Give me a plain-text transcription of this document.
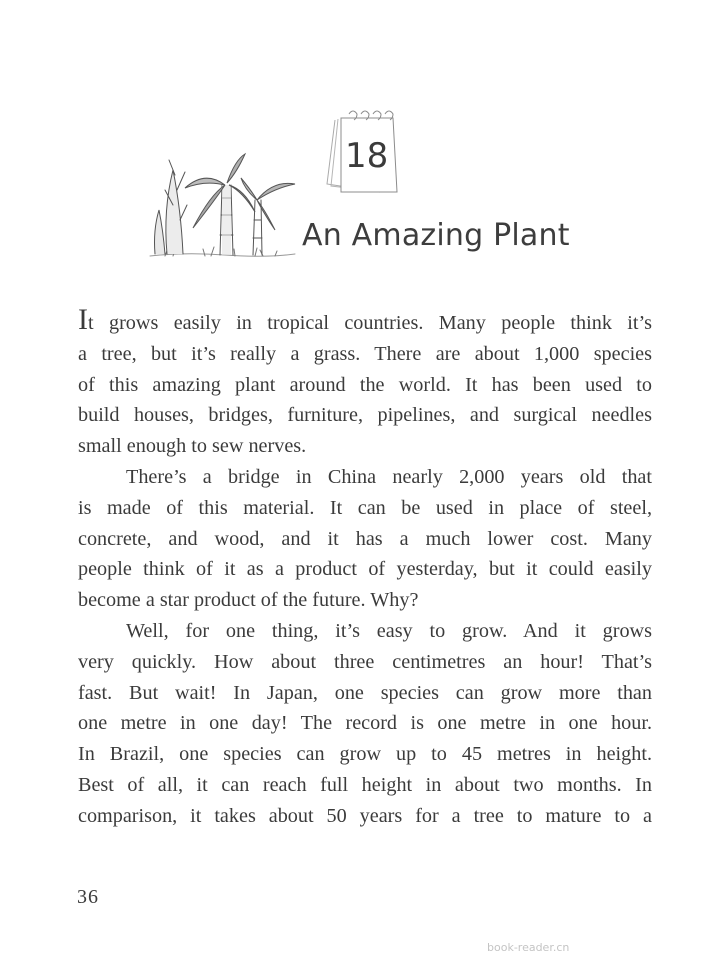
18
An Amazing Plant
It grows easily in tropical countries. Many people think it’s
a tree, but it’s really a grass. There are about 1,000 species
of this amazing plant around the world. It has been used to
build houses, bridges, furniture, pipelines, and surgical needles
small enough to sew nerves.
There’s a bridge in China nearly 2,000 years old that
is made of this material. It can be used in place of steel,
concrete, and wood, and it has a much lower cost. Many
people think of it as a product of yesterday, but it could easily
become a star product of the future. Why?
Well, for one thing, it’s easy to grow. And it grows
very quickly. How about three centimetres an hour! That’s
fast. But wait! In Japan, one species can grow more than
one metre in one day! The record is one metre in one hour.
In Brazil, one species can grow up to 45 metres in height.
Best of all, it can reach full height in about two months. In
comparison, it takes about 50 years for a tree to mature to a
36
book-reader.cn
